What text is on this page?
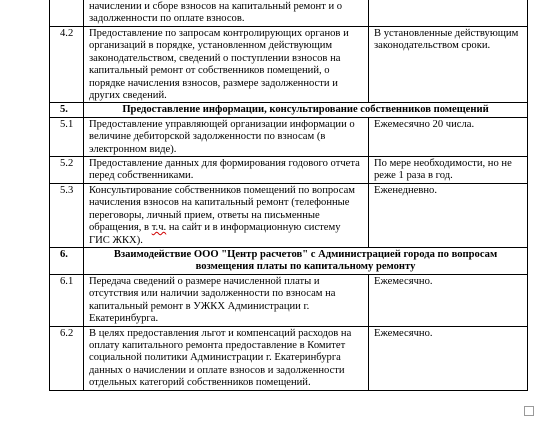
	начислении и сборе взносов на капитальный ремонт и о задолженности по оплате взносов.	
4.2	Предоставление по запросам контролирующих органов и организаций в порядке, установленном действующим законодательством, сведений о поступлении взносов на капитальный ремонт от собственников помещений, о порядке начисления взносов, размере задолженности и других сведений.	В установленные действующим законодательством сроки.
5.	Предоставление информации, консультирование собственников помещений	
5.1	Предоставление управляющей организации информации о величине дебиторской задолженности по взносам (в электронном виде).	Ежемесячно 20 числа.
5.2	Предоставление данных для формирования годового отчета перед собственниками.	По мере необходимости, но не реже 1 раза в год.
5.3	Консультирование собственников помещений по вопросам начисления взносов на капитальный ремонт (телефонные переговоры, личный прием, ответы на письменные обращения, в т.ч. на сайт и в информационную систему ГИС ЖКХ).	Еженедневно.
6.	Взаимодействие ООО "Центр расчетов" с Администрацией города по вопросам возмещения платы по капитальному ремонту	
6.1	Передача сведений о размере начисленной платы и отсутствия или наличии задолженности по взносам на капитальный ремонт в УЖКХ Администрации г. Екатеринбурга.	Ежемесячно.
6.2	В целях предоставления льгот и компенсаций расходов на оплату капитального ремонта предоставление в Комитет социальной политики Администрации г. Екатеринбурга данных о начислении и оплате взносов и задолженности отдельных категорий собственников помещений.	Ежемесячно.
